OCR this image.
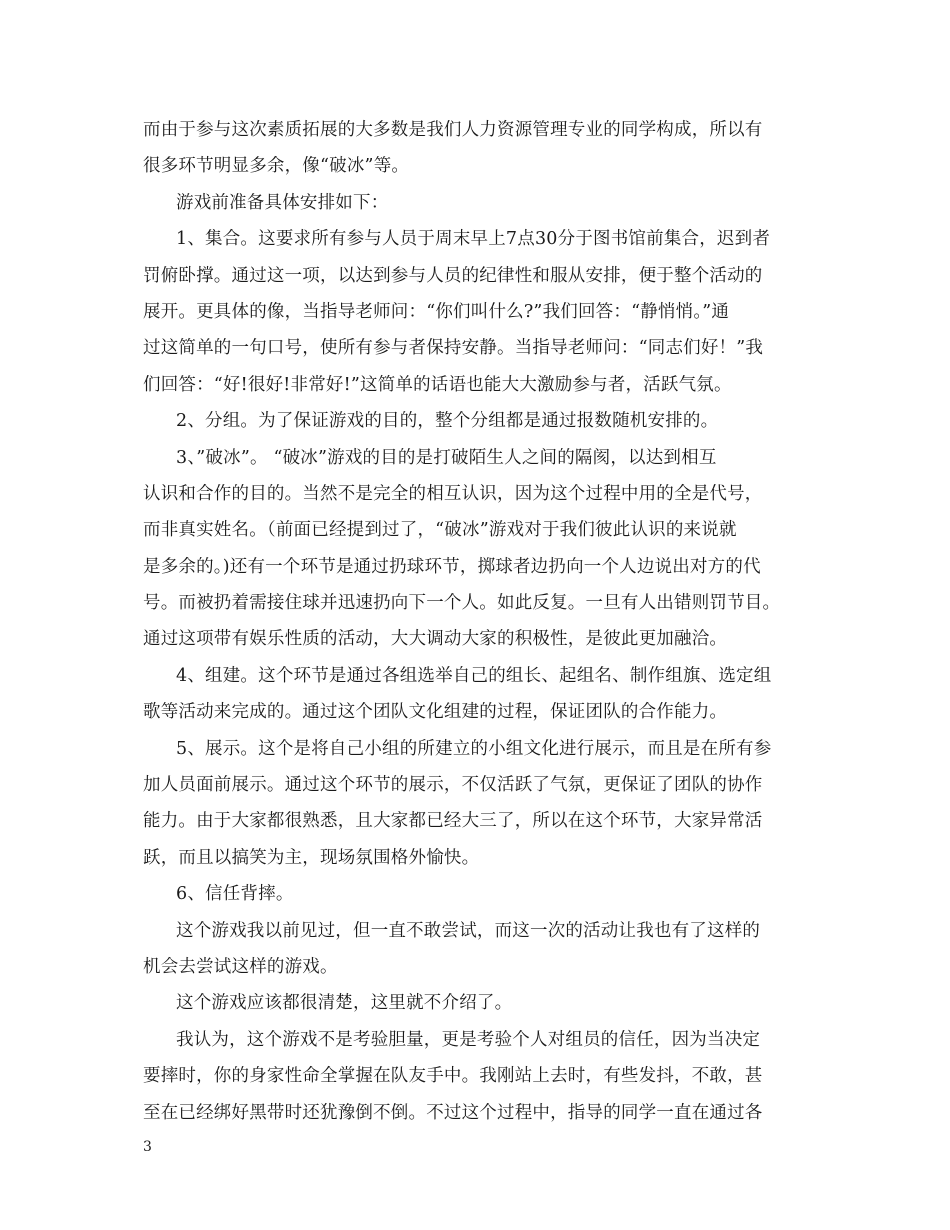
而由于参与这次素质拓展的大多数是我们人力资源管理专业的同学构成，所以有
很多环节明显多余，像“破冰”等。
游戏前准备具体安排如下：
1、集合。这要求所有参与人员于周末早上7点30分于图书馆前集合，迟到者
罚俯卧撑。通过这一项，以达到参与人员的纪律性和服从安排，便于整个活动的
展开。更具体的像，当指导老师问：“你们叫什么?”我们回答：“静悄悄。”通
过这简单的一句口号，使所有参与者保持安静。当指导老师问：“同志们好！”我
们回答：“好!很好!非常好!”这简单的话语也能大大激励参与者，活跃气氛。
2、分组。为了保证游戏的目的，整个分组都是通过报数随机安排的。
3、”破冰”。 “破冰”游戏的目的是打破陌生人之间的隔阂，以达到相互
认识和合作的目的。当然不是完全的相互认识，因为这个过程中用的全是代号，
而非真实姓名。（前面已经提到过了，“破冰”游戏对于我们彼此认识的来说就
是多余的。)还有一个环节是通过扔球环节，掷球者边扔向一个人边说出对方的代
号。而被扔着需接住球并迅速扔向下一个人。如此反复。一旦有人出错则罚节目。
通过这项带有娱乐性质的活动，大大调动大家的积极性，是彼此更加融洽。
4、组建。这个环节是通过各组选举自己的组长、起组名、制作组旗、选定组
歌等活动来完成的。通过这个团队文化组建的过程，保证团队的合作能力。
5、展示。这个是将自己小组的所建立的小组文化进行展示，而且是在所有参
加人员面前展示。通过这个环节的展示，不仅活跃了气氛，更保证了团队的协作
能力。由于大家都很熟悉，且大家都已经大三了，所以在这个环节，大家异常活
跃，而且以搞笑为主，现场氛围格外愉快。
6、信任背摔。
这个游戏我以前见过，但一直不敢尝试，而这一次的活动让我也有了这样的
机会去尝试这样的游戏。
这个游戏应该都很清楚，这里就不介绍了。
我认为，这个游戏不是考验胆量，更是考验个人对组员的信任，因为当决定
要摔时，你的身家性命全掌握在队友手中。我刚站上去时，有些发抖，不敢，甚
至在已经绑好黑带时还犹豫倒不倒。不过这个过程中，指导的同学一直在通过各
3
